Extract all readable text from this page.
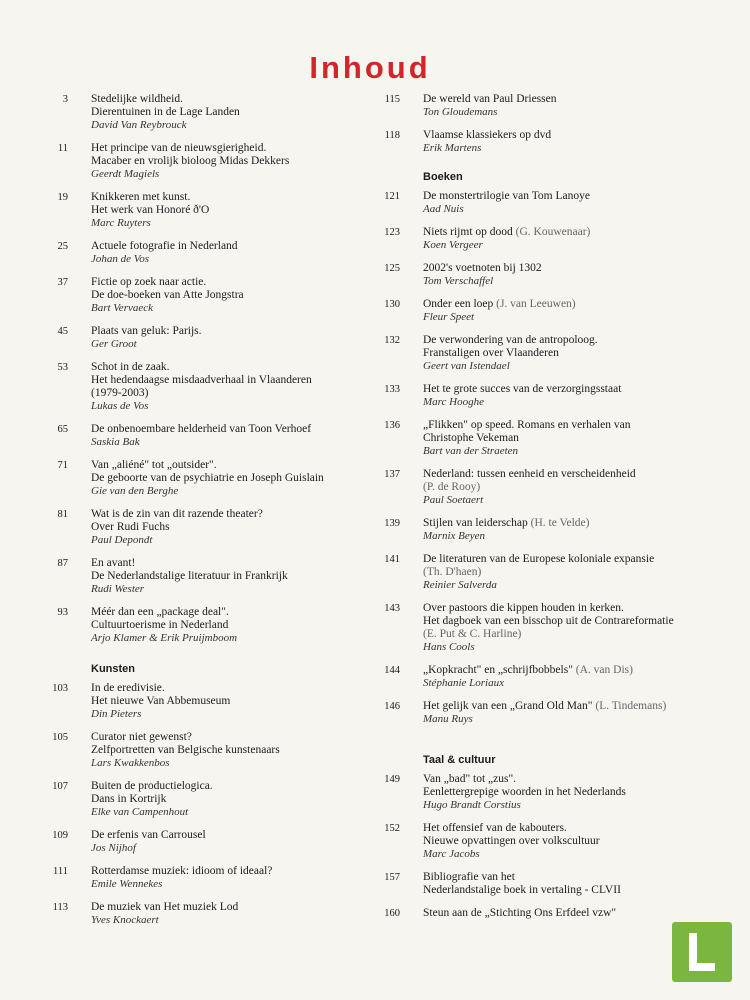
Inhoud
3 Stedelijke wildheid.
Dierentuinen in de Lage Landen
David Van Reybrouck
11 Het principe van de nieuwsgierigheid.
Macaber en vrolijk bioloog Midas Dekkers
Geerdt Magiels
19 Knikkeren met kunst.
Het werk van Honoré ð'O
Marc Ruyters
25 Actuele fotografie in Nederland
Johan de Vos
37 Fictie op zoek naar actie.
De doe-boeken van Atte Jongstra
Bart Vervaeck
45 Plaats van geluk: Parijs.
Ger Groot
53 Schot in de zaak.
Het hedendaagse misdaadverhaal in Vlaanderen
(1979-2003)
Lukas de Vos
65 De onbenoembare helderheid van Toon Verhoef
Saskia Bak
71 Van „aliéné" tot „outsider".
De geboorte van de psychiatrie en Joseph Guislain
Gie van den Berghe
81 Wat is de zin van dit razende theater?
Over Rudi Fuchs
Paul Depondt
87 En avant!
De Nederlandstalige literatuur in Frankrijk
Rudi Wester
93 Méér dan een „package deal".
Cultuurtoerisme in Nederland
Arjo Klamer & Erik Pruijmboom
Kunsten
103 In de eredivisie.
Het nieuwe Van Abbemuseum
Din Pieters
105 Curator niet gewenst?
Zelfportretten van Belgische kunstenaars
Lars Kwakkenbos
107 Buiten de productielogica.
Dans in Kortrijk
Elke van Campenhout
109 De erfenis van Carrousel
Jos Nijhof
111 Rotterdamse muziek: idioom of ideaal?
Emile Wennekes
113 De muziek van Het muziek Lod
Yves Knockaert
115 De wereld van Paul Driessen
Ton Gloudemans
118 Vlaamse klassiekers op dvd
Erik Martens
Boeken
121 De monstertrilogie van Tom Lanoye
Aad Nuis
123 Niets rijmt op dood (G. Kouwenaar)
Koen Vergeer
125 2002's voetnoten bij 1302
Tom Verschaffel
130 Onder een loep (J. van Leeuwen)
Fleur Speet
132 De verwondering van de antropoloog.
Franstaligen over Vlaanderen
Geert van Istendael
133 Het te grote succes van de verzorgingsstaat
Marc Hooghe
136 „Flikken" op speed. Romans en verhalen van
Christophe Vekeman
Bart van der Straeten
137 Nederland: tussen eenheid en verscheidenheid
(P. de Rooy)
Paul Soetaert
139 Stijlen van leiderschap (H. te Velde)
Marnix Beyen
141 De literaturen van de Europese koloniale expansie
(Th. D'haen)
Reinier Salverda
143 Over pastoors die kippen houden in kerken.
Het dagboek van een bisschop uit de Contrareformatie
(E. Put & C. Harline)
Hans Cools
144 „Kopkracht" en „schrijfbobbels" (A. van Dis)
Stéphanie Loriaux
146 Het gelijk van een „Grand Old Man" (L. Tindemans)
Manu Ruys
Taal & cultuur
149 Van „bad" tot „zus".
Eenlettergrepige woorden in het Nederlands
Hugo Brandt Corstius
152 Het offensief van de kabouters.
Nieuwe opvattingen over volkscultuur
Marc Jacobs
157 Bibliografie van het
Nederlandstalige boek in vertaling - CLVII
160 Steun aan de „Stichting Ons Erfdeel vzw"
